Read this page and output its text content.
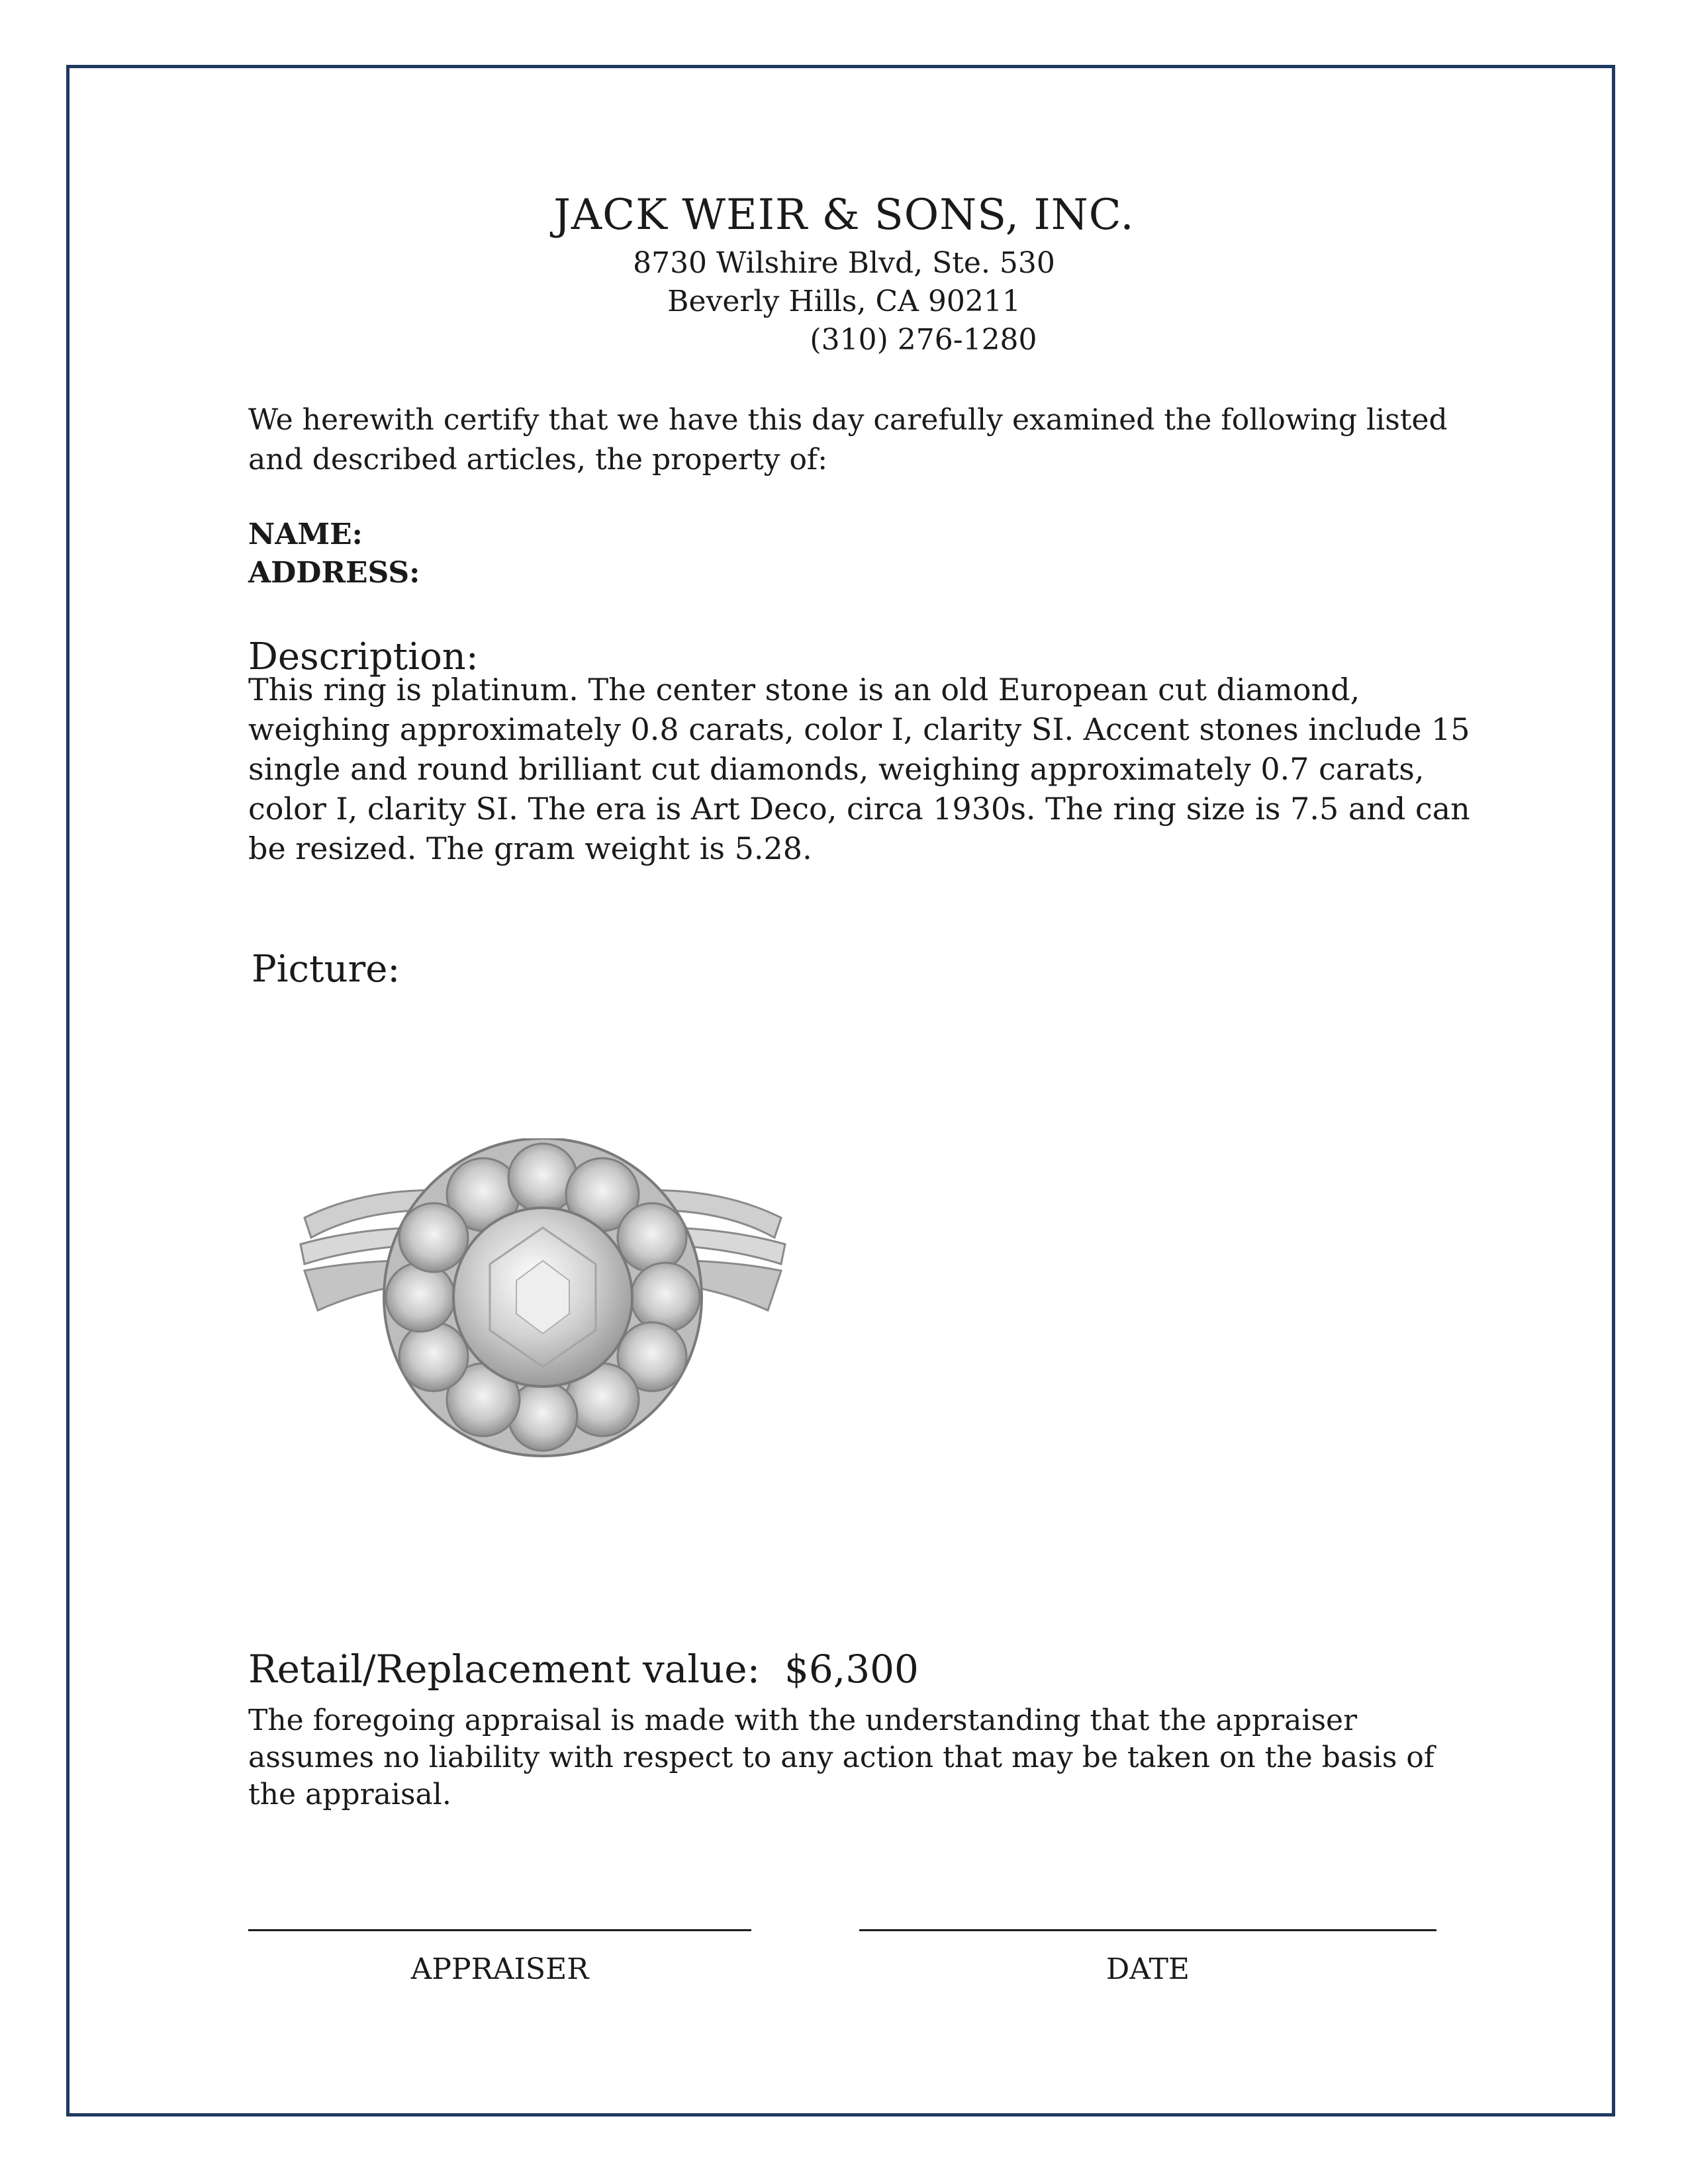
JACK WEIR & SONS, INC.
8730 Wilshire Blvd, Ste. 530
Beverly Hills, CA 90211
(310) 276-1280
We herewith certify that we have this day carefully examined the following listed and described articles, the property of:
NAME:
ADDRESS:
Description:
This ring is platinum. The center stone is an old European cut diamond, weighing approximately 0.8 carats, color I, clarity SI. Accent stones include 15 single and round brilliant cut diamonds, weighing approximately 0.7 carats, color I, clarity SI. The era is Art Deco, circa 1930s. The ring size is 7.5 and can be resized. The gram weight is 5.28.
Picture:
Retail/Replacement value: $6,300
The foregoing appraisal is made with the understanding that the appraiser assumes no liability with respect to any action that may be taken on the basis of the appraisal.
APPRAISER	DATE
